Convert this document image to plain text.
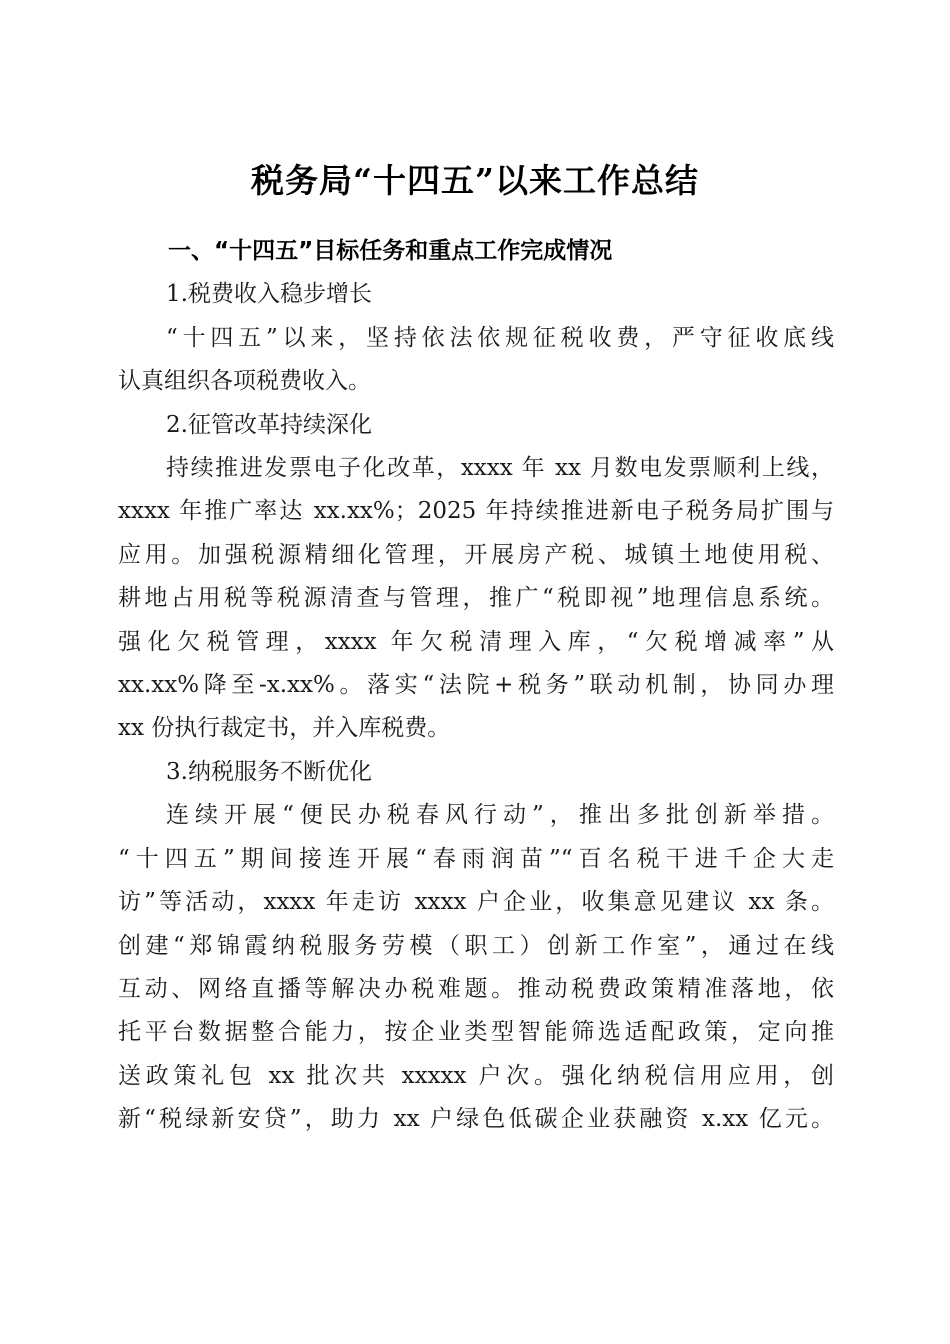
税务局“十四五”以来工作总结

一、“十四五”目标任务和重点工作完成情况

1.税费收入稳步增长

“十四五”以来，坚持依法依规征税收费，严守征收底线
认真组织各项税费收入。

2.征管改革持续深化

持续推进发票电子化改革，xxxx 年 xx 月数电发票顺利上线，
xxxx 年推广率达 xx.xx%；2025 年持续推进新电子税务局扩围与
应用。加强税源精细化管理，开展房产税、城镇土地使用税、
耕地占用税等税源清查与管理，推广“税即视”地理信息系统。
强化欠税管理，xxxx 年欠税清理入库，“欠税增减率”从
xx.xx%降至-x.xx%。落实“法院+税务”联动机制，协同办理
xx 份执行裁定书，并入库税费。

3.纳税服务不断优化

连续开展“便民办税春风行动”，推出多批创新举措。
“十四五”期间接连开展“春雨润苗”“百名税干进千企大走
访”等活动，xxxx 年走访 xxxx 户企业，收集意见建议 xx 条。
创建“郑锦霞纳税服务劳模（职工）创新工作室”，通过在线
互动、网络直播等解决办税难题。推动税费政策精准落地，依
托平台数据整合能力，按企业类型智能筛选适配政策，定向推
送政策礼包 xx 批次共 xxxxx 户次。强化纳税信用应用，创
新“税绿新安贷”，助力 xx 户绿色低碳企业获融资 x.xx 亿元。
